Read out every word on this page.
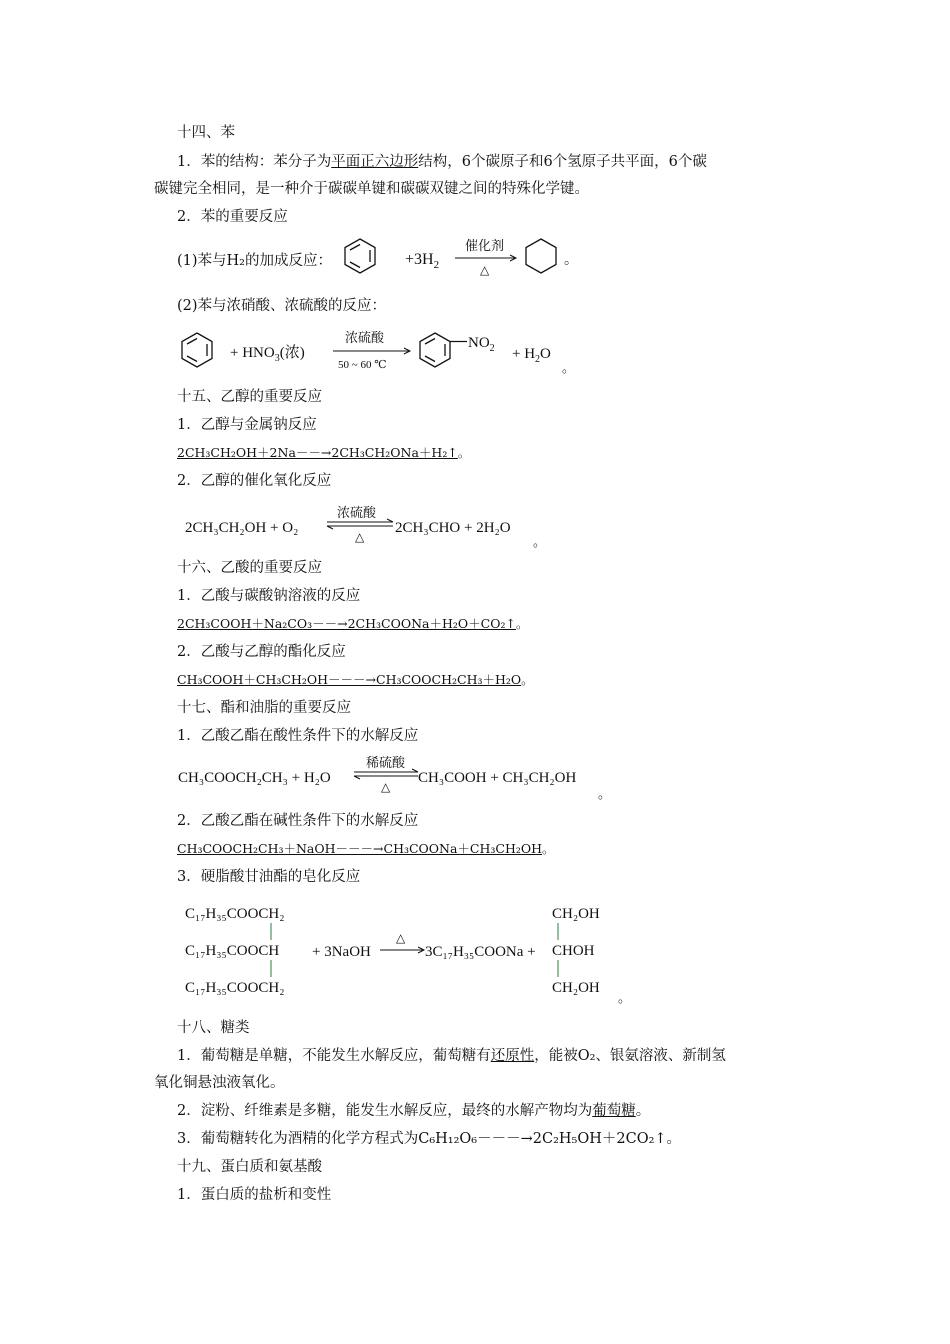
十四、苯
1．苯的结构：苯分子为平面正六边形结构，6个碳原子和6个氢原子共平面，6个碳
碳键完全相同，是一种介于碳碳单键和碳碳双键之间的特殊化学键。
2．苯的重要反应
(1)苯与H₂的加成反应：	$+3H_2$
催化剂
△
。
(2)苯与浓硝酸、浓硫酸的反应：
+ $HNO_3$(浓)
浓硫酸
50 ~ 60 ℃
$NO_2 + H_2O$
。
十五、乙醇的重要反应
1．乙醇与金属钠反应
2CH₃CH₂OH＋2Na－－→2CH₃CH₂ONa＋H₂↑。
2．乙醇的催化氧化反应
2CH₃CH₂OH + O₂
浓硫酸
△
2CH₃CHO + 2H₂O
。
十六、乙酸的重要反应
1．乙酸与碳酸钠溶液的反应
2CH₃COOH＋Na₂CO₃－－→2CH₃COONa＋H₂O＋CO₂↑。
2．乙酸与乙醇的酯化反应
CH₃COOH＋CH₃CH₂OH－－－→CH₃COOCH₂CH₃＋H₂O。
十七、酯和油脂的重要反应
1．乙酸乙酯在酸性条件下的水解反应
CH₃COOCH₂CH₃ + H₂O
稀硫酸
△
CH₃COOH + CH₃CH₂OH
。
2．乙酸乙酯在碱性条件下的水解反应
CH₃COOCH₂CH₃＋NaOH－－－→CH₃COONa＋CH₃CH₂OH。
3．硬脂酸甘油酯的皂化反应
C₁₇H₃₅COOCH₂
C₁₇H₃₅COOCH
C₁₇H₃₅COOCH₂
+ 3NaOH
△
3C₁₇H₃₅COONa +
CH₂OH
CHOH
CH₂OH
。
十八、糖类
1．葡萄糖是单糖，不能发生水解反应，葡萄糖有还原性，能被O₂、银氨溶液、新制氢
氧化铜悬浊液氧化。
2．淀粉、纤维素是多糖，能发生水解反应，最终的水解产物均为葡萄糖。
3．葡萄糖转化为酒精的化学方程式为C₆H₁₂O₆－－－→2C₂H₅OH＋2CO₂↑。
十九、蛋白质和氨基酸
1．蛋白质的盐析和变性
